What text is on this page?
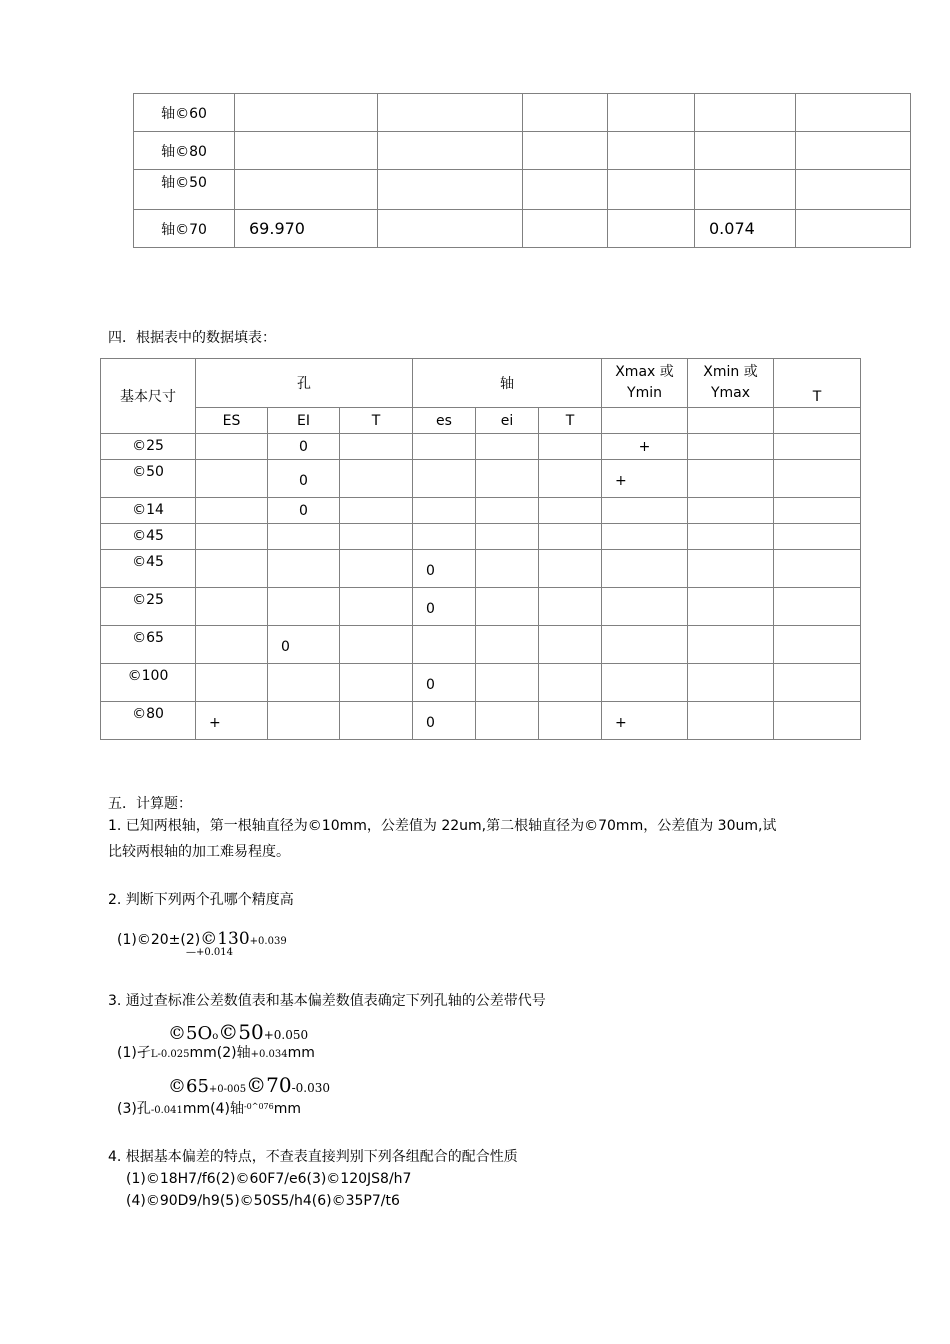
轴©60						
轴©80						
轴©50						
轴©70	69.970				0.074	
四．根据表中的数据填表：
基本尺寸	孔			轴			Xmax 或 Ymin	Xmin 或 Ymax	T
	ES	EI	T	es	ei	T			
©25		0					+		
©50		0					+		
©14		0							
©45									
©45				0					
©25				0					
©65		0							
©100				0					
©80	+			0			+		
五．计算题：
1. 已知两根轴，第一根轴直径为©10mm，公差值为 22um,第二根轴直径为©70mm，公差值为 30um,试
比较两根轴的加工难易程度。
2. 判断下列两个孔哪个精度高
(1)©20±(2)©130+0.039
—+0.014
3. 通过查标准公差数值表和基本偏差数值表确定下列孔轴的公差带代号
©5Oo©50+0.050
(1)孑L-0.025mm(2)轴+0.034mm
©65+0-005©70-0.030
(3)孔-0.041mm(4)轴$^{-0\^{}076}$mm
4. 根据基本偏差的特点，不查表直接判别下列各组配合的配合性质
(1)©18H7/f6(2)©60F7/e6(3)©120JS8/h7
(4)©90D9/h9(5)©50S5/h4(6)©35P7/t6
